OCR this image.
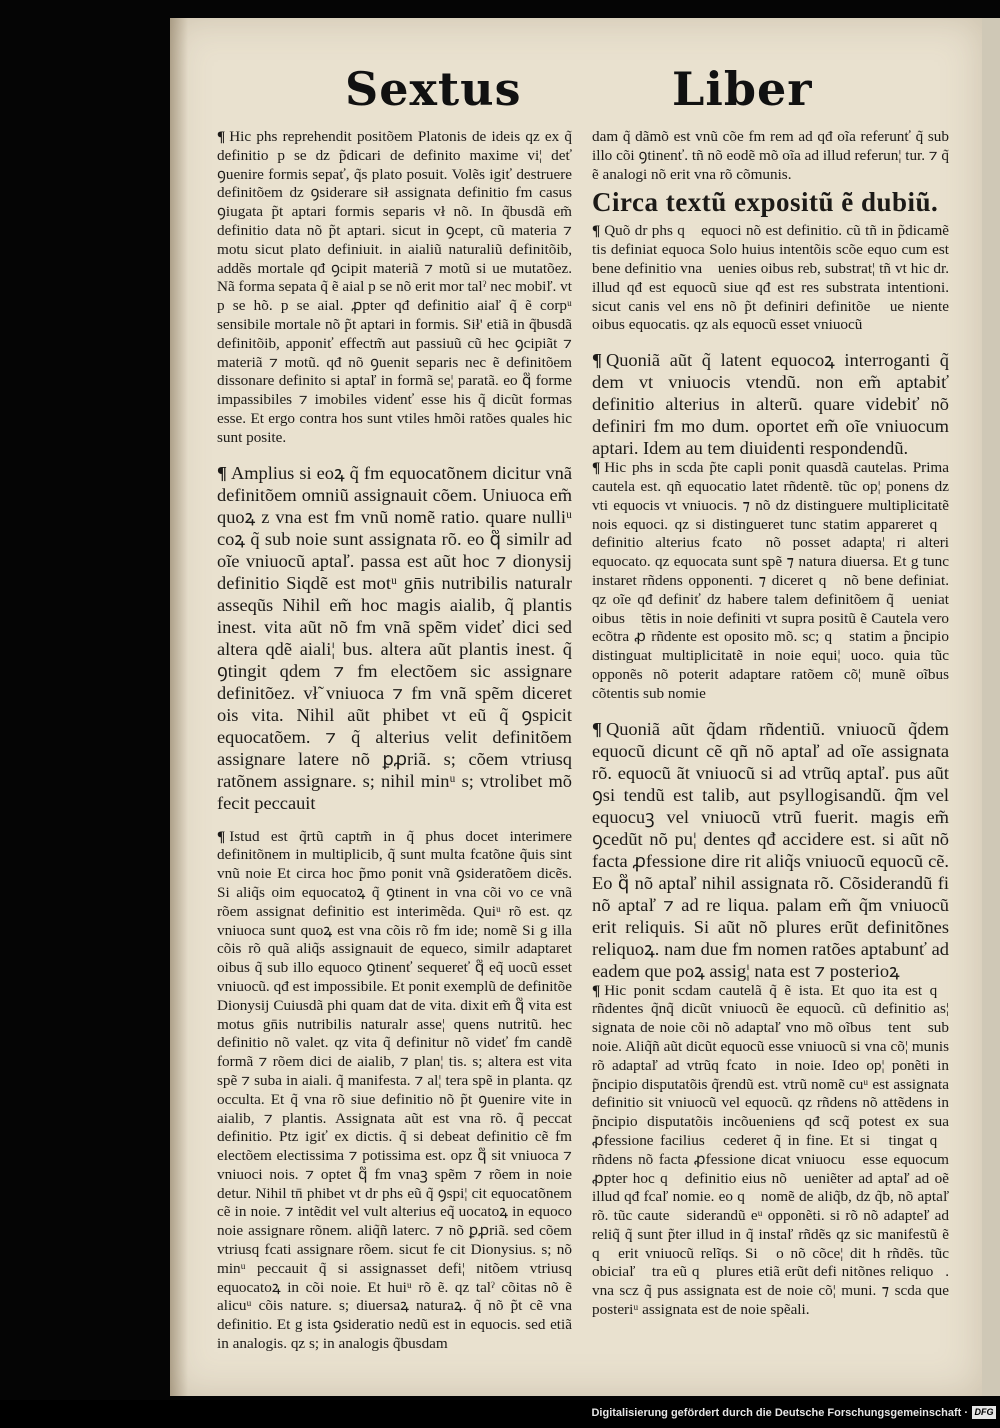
Sextus	Liber

¶ Hic phs reprehendit positõem Platonis de ideis qz ex q̃ definitio p se dz p̃dicari de definito maxime vi¦ deť ꝯuenire formis sepať, q̃s plato posuit. Volẽs igiť destruere definitõem dz ꝯsiderare sił assignata definitio fm casus ꝯiugata p̃t aptari formis separis vł nõ. In q̃busdã em̃ definitio data nõ p̃t aptari. sicut in ꝯcept, cũ materia ⁊ motu sicut plato definiuit. in aialiũ naturaliũ definitõib, addẽs mortale qđ ꝯcipit materiã ⁊ motũ si ue mutatõez. Nã forma sepata q̃ ẽ aial p se nõ erit mor talˀ nec mobiľ. vt p se hõ. p se aial. ꝓpter qđ definitio aiaľ q̃ ẽ corpᵘ sensibile mortale nõ p̃t aptari in formis. Sił' etiã in q̃busdã definitõib, apponiť effectm̃ aut passiuũ cũ hec ꝯcipiãt ⁊ materiã ⁊ motũ. qđ nõ ꝯuenit separis nec ẽ definitõem dissonare definito si aptaľ in formã se¦ paratã. eo q᷑ forme impassibiles ⁊ imobiles videnť esse his q̃ dicũt formas esse. Et ergo contra hos sunt vtiles hmõi ratões quales hic sunt posite.

¶ Amplius si eoꝝ q̃ fm equocatõnem dicitur vnã definitõem omniũ assignauit cõem. Uniuoca em̃ quoꝝ z vna est fm vnũ nomẽ ratio. quare nulliᵘ coꝝ q̃ sub noie sunt assignata rõ. eo q᷑ similr ad oĩe vniuocũ aptaľ. passa est aũt hoc ⁊ dionysij definitio Siqdẽ est motᵘ gn̄is nutribilis naturalr asseqũs Nihil em̃ hoc magis aialib, q̃ plantis inest. vita aũt nõ fm vnã spẽm videť dici sed altera qdẽ aiali¦ bus. altera aũt plantis inest. q̃ ꝯtingit qdem ⁊ fm electõem sic assignare definitõez. vł̃ vniuoca ⁊ fm vnã spẽm diceret ois vita. Nihil aũt phibet vt eũ q̃ ꝯspicit equocatõem. ⁊ q̃ alterius velit definitõem assignare latere nõ ꝑꝓriã. s; cõem vtriusq ratõnem assignare. s; nihil minᵘ s; vtrolibet mõ fecit peccauit

¶ Istud est q̃rtũ captm̃ in q̃ phus docet interimere definitõnem in multiplicib, q̃ sunt multa fcatõne q̃uis sint vnũ noie Et circa hoc p̃mo ponit vnã ꝯsideratõem dicẽs. Si aliq̃s oim equocatoꝝ q̃ ꝯtinent in vna cõi vo ce vnã rõem assignat definitio est interimẽda. Quiᵘ rõ est. qz vniuoca sunt quoꝝ est vna cõis rõ fm ide; nomẽ Si g illa cõis rõ quã aliq̃s assignauit de equeco, similr adaptaret oibus q̃ sub illo equoco ꝯtinenť sequereť q᷑ eq̃ uocũ esset vniuocũ. qđ est impossibile. Et ponit exemplũ de definitõe Dionysij Cuiusdã phi quam dat de vita. dixit em̃ q᷑ vita est motus gn̄is nutribilis naturalr asse¦ quens nutritũ. hec definitio nõ valet. qz vita q̃ definitur nõ videť fm candẽ formã ⁊ rõem dici de aialib, ⁊ plan¦ tis. s; altera est vita spẽ ⁊ suba in aiali. q̃ manifesta. ⁊ al¦ tera spẽ in planta. qz occulta. Et q̃ vna rõ siue definitio nõ p̃t ꝯuenire vite in aialib, ⁊ plantis. Assignata aũt est vna rõ. q̃ peccat definitio. Ptz igiť ex dictis. q̃ si debeat definitio cẽ fm electõem electissima ⁊ potissima est. opz q᷑ sit vniuoca ⁊ vniuoci nois. ⁊ optet q᷑ fm vnaꝫ spẽm ⁊ rõem in noie detur. Nihil tn̄ phibet vt dr phs eũ q̃ ꝯspi¦ cit equocatõnem cẽ in noie. ⁊ intẽdit vel vult alterius eq̃ uocatoꝝ in equoco noie assignare rõnem. aliq̃ñ laterc. ⁊ nõ ꝑꝓriã. sed cõem vtriusq fcati assignare rõem. sicut fe cit Dionysius. s; nõ minᵘ peccauit q̃ si assignasset defi¦ nitõem vtriusq equocatoꝝ in cõi noie. Et huiᵘ rõ ẽ. qz talˀ cõitas nõ ẽ alicuᵘ cõis nature. s; diuersaꝝ naturaꝝ. q̃ nõ p̃t cẽ vna definitio. Et g ista ꝯsideratio nedũ est in equocis. sed etiã in analogis. qz s; in analogis q̃busdam

dam q̃ dãmõ est vnũ cõe fm rem ad qđ oĩa referunť q̃ sub illo cõi ꝯtinenť. tñ nõ eodẽ mõ oĩa ad illud referun¦ tur. ⁊ q̃ ẽ analogi nõ erit vna rõ cõmunis.

Circa textũ expositũ ẽ dubiũ.

¶ Quõ dr phs q᷑ equoci nõ est definitio. cũ tñ in p̃dicamẽ tis definiat equoca Solo huius intentõis scõe equo cum est bene definitio vna ꝯuenies oibus reb, substrat¦ tñ vt hic dr. illud qđ est equocũ siue qđ est res substrata intentioni. sicut canis vel ens nõ p̃t definiri definitõe ꝯue niente oibus equocatis. qz als equocũ esset vniuocũ

¶ Quoniã aũt q̃ latent equocoꝝ interroganti q̃ dem vt vniuocis vtendũ. non em̃ aptabiť definitio alterius in alterũ. quare videbiť nõ definiri fm mo dum. oportet em̃ oĩe vniuocum aptari. Idem au tem diuidenti respondendũ.

¶ Hic phs in scda p̃te capli ponit quasdã cautelas. Prima cautela est. qñ equocatio latet rñdentẽ. tũc op¦ ponens dz vti equocis vt vniuocis. ⁊ nõ dz distinguere multiplicitatẽ nois equoci. qz si distingueret tunc statim appareret q᷑ definitio alterius fcatoꝝ nõ posset adapta¦ ri alteri equocato. qz equocata sunt spẽ ⁊ natura diuersa. Et g tunc instaret rñdens opponenti. ⁊ diceret q᷑ nõ bene definiat. qz oĩe qđ definiť dz habere talem definitõem q̃ ꝯueniat oibus ꝯtẽtis in noie definiti vt supra positũ ẽ Cautela vero ecõtra ꝓ rñdente est oposito mõ. sc; q᷑ statim a p̃ncipio distinguat multiplicitatẽ in noie equi¦ uoco. quia tũc opponẽs nõ poterit adaptare ratõem cõ¦ munẽ oĩbus cõtentis sub nomie

¶ Quoniã aũt q̃dam rñdentiũ. vniuocũ q̃dem equocũ dicunt cẽ qñ nõ aptaľ ad oĩe assignata rõ. equocũ ãt vniuocũ si ad vtrũq aptaľ. pus aũt ꝯsi tendũ est talib, aut psyllogisandũ. q̃m vel equocuꝫ vel vniuocũ vtrũ fuerit. magis em̃ ꝯcedũt nõ pu¦ dentes qđ accidere est. si aũt nõ facta ꝓfessione dire rit aliq̃s vniuocũ equocũ cẽ. Eo q᷑ nõ aptaľ nihil assignata rõ. Cõsiderandũ fi nõ aptaľ ⁊ ad re liqua. palam em̃ q̃m vniuocũ erit reliquis. Si aũt nõ plures erũt definitõnes reliquoꝝ. nam due fm nomen ratões aptabunť ad eadem que poꝝ assig¦ nata est ⁊ posterioꝝ

¶ Hic ponit scdam cautelã q̃ ẽ ista. Et quo ita est q᷑ rñdentes q̃nq̃ dicũt vniuocũ ẽe equocũ. cũ definitio as¦ signata de noie cõi nõ adaptaľ vno mõ oĩbus ꝯtentꝫ sub noie. Aliq̃ñ aũt dicũt equocũ esse vniuocũ si vna cõ¦ munis rõ adaptaľ ad vtrũq fcatoꝝ in noie. Ideo op¦ ponẽti in p̃ncipio disputatõis q̃rendũ est. vtrũ nomẽ cuᵘ est assignata definitio sit vniuocũ vel equocũ. qz rñdens nõ attẽdens in p̃ncipio disputatõis incõueniens qđ scq̃ potest ex sua ꝓfessione facilius ꝯcederet q̃ in fine. Et si ꝯtingat q᷑ rñdens nõ facta ꝓfessione dicat vniuocuꝫ esse equocum ꝓpter hoc q᷑ definitio eius nõ ꝯueniẽter ad aptaľ ad oẽ illud qđ fcaľ nomie. eo q᷑ nomẽ de aliq̃b, dz q̃b, nõ aptaľ rõ. tũc caute ꝯsiderandũ eᵘ opponẽti. si rõ nõ adapteľ ad reliq̃ q̃ sunt p̃ter illud in q̃ instaľ rñdẽs qz sic manifestũ ẽ q᷑ erit vniuocũ relĩqs. Si ꝯo nõ cõce¦ dit h rñdẽs. tũc obiciaľ ꝯtra eũ q᷑ plures etiã erũt defi nitõnes reliquoꝝ. vna scz q̃ pus assignata est de noie cõ¦ muni. ⁊ scda que posteriᵘ assignata est de noie spẽali.

Digitalisierung gefördert durch die Deutsche Forschungsgemeinschaft · DFG
